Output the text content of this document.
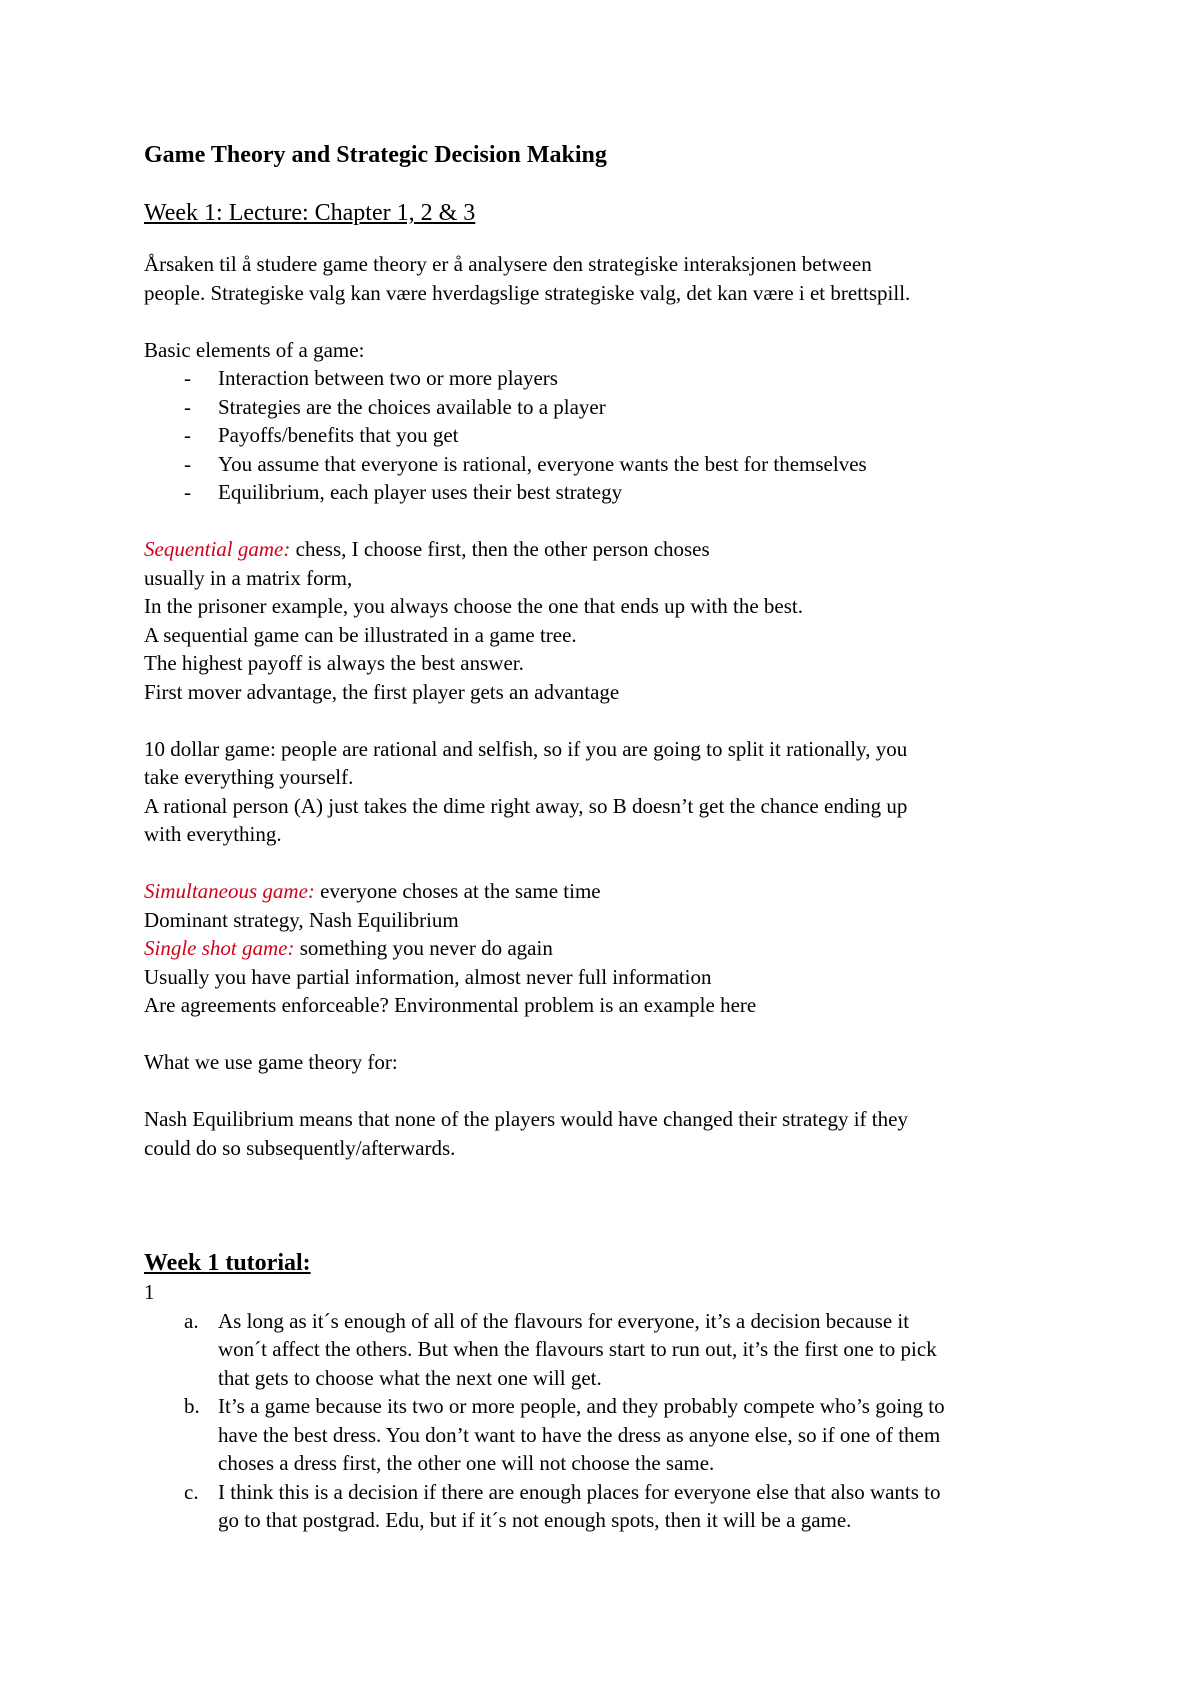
Game Theory and Strategic Decision Making
Week 1: Lecture: Chapter 1, 2 & 3

Årsaken til å studere game theory er å analysere den strategiske interaksjonen between

people. Strategiske valg kan være hverdagslige strategiske valg, det kan være i et brettspill.

Basic elements of a game:

- Interaction between two or more players
- Strategies are the choices available to a player
- Payoffs/benefits that you get
- You assume that everyone is rational, everyone wants the best for themselves
- Equilibrium, each player uses their best strategy

Sequential game: chess, I choose first, then the other person choses

usually in a matrix form,

In the prisoner example, you always choose the one that ends up with the best.

A sequential game can be illustrated in a game tree.

The highest payoff is always the best answer.

First mover advantage, the first player gets an advantage

10 dollar game: people are rational and selfish, so if you are going to split it rationally, you

take everything yourself.

A rational person (A) just takes the dime right away, so B doesn’t get the chance ending up

with everything.

Simultaneous game: everyone choses at the same time

Dominant strategy, Nash Equilibrium

Single shot game: something you never do again

Usually you have partial information, almost never full information

Are agreements enforceable? Environmental problem is an example here

What we use game theory for:

Nash Equilibrium means that none of the players would have changed their strategy if they

could do so subsequently/afterwards.

Week 1 tutorial:

1

a. As long as it´s enough of all of the flavours for everyone, it’s a decision because it

won´t affect the others. But when the flavours start to run out, it’s the first one to pick

that gets to choose what the next one will get.

b. It’s a game because its two or more people, and they probably compete who’s going to

have the best dress. You don’t want to have the dress as anyone else, so if one of them

choses a dress first, the other one will not choose the same.

c. I think this is a decision if there are enough places for everyone else that also wants to

go to that postgrad. Edu, but if it´s not enough spots, then it will be a game.
